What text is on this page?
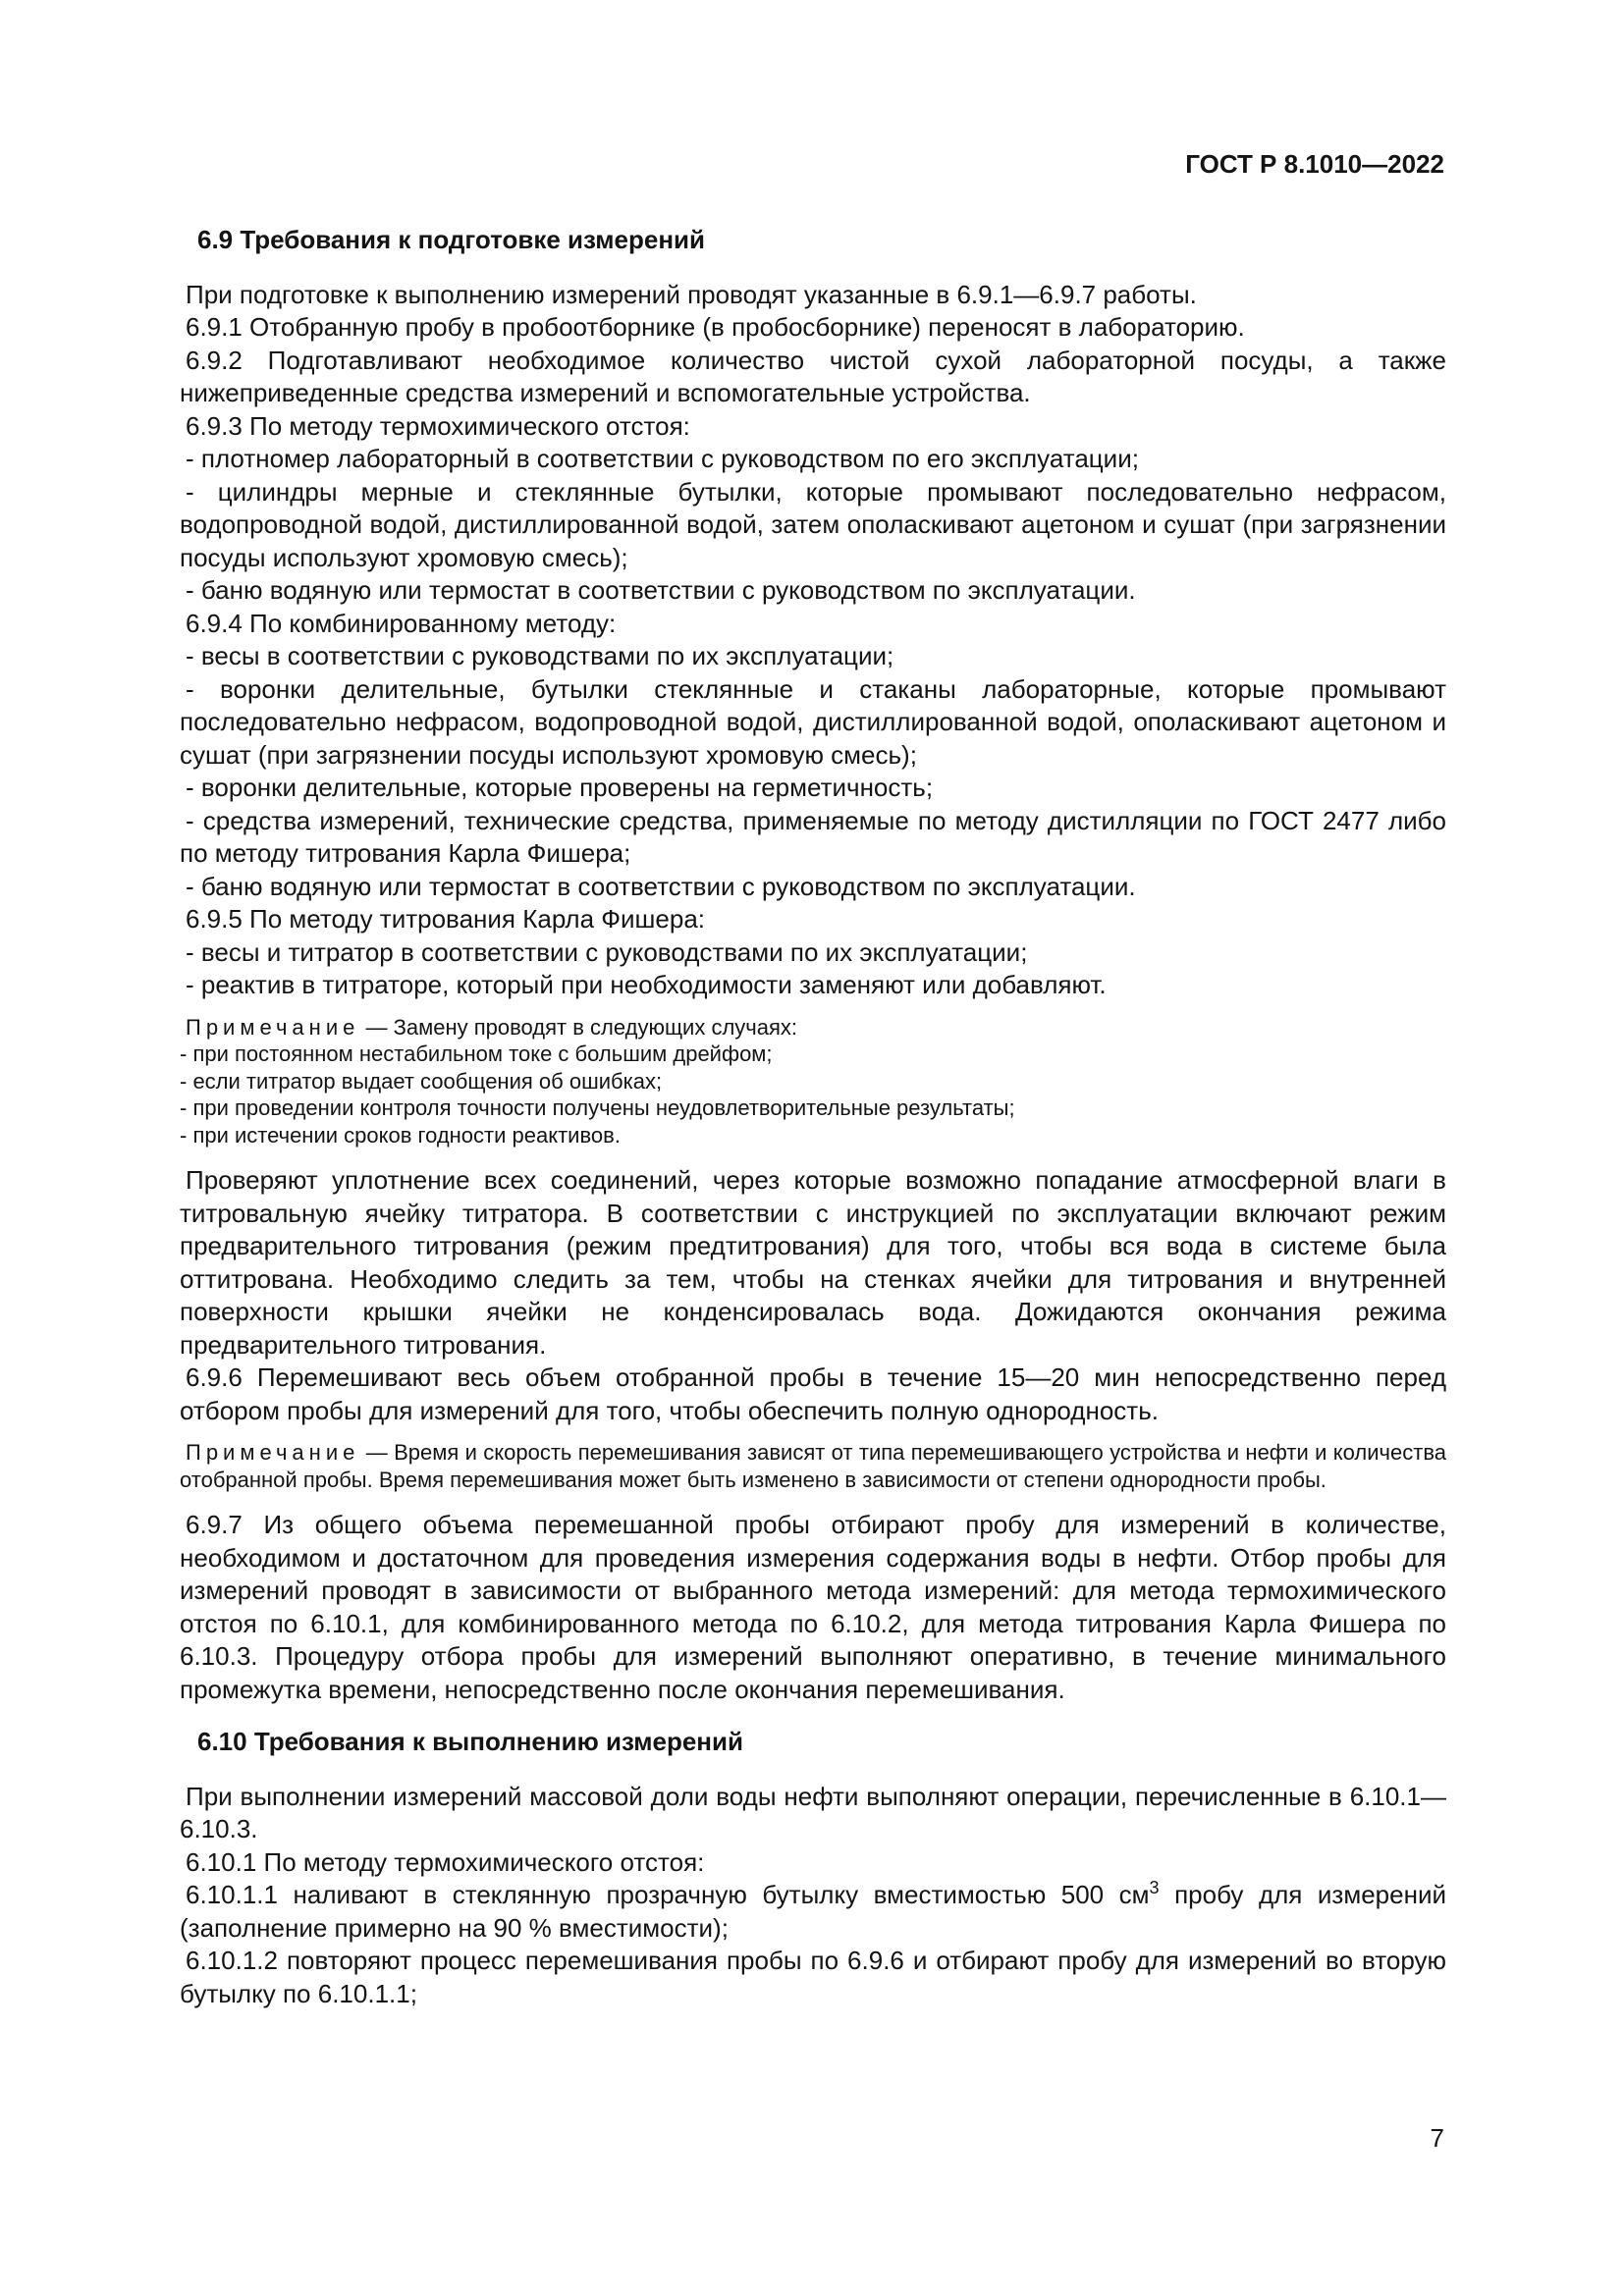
ГОСТ Р 8.1010—2022

6.9 Требования к подготовке измерений

При подготовке к выполнению измерений проводят указанные в 6.9.1—6.9.7 работы.

6.9.1 Отобранную пробу в пробоотборнике (в пробосборнике) переносят в лабораторию.

6.9.2 Подготавливают необходимое количество чистой сухой лабораторной посуды, а также нижеприведенные средства измерений и вспомогательные устройства.

6.9.3 По методу термохимического отстоя:

- плотномер лабораторный в соответствии с руководством по его эксплуатации;

- цилиндры мерные и стеклянные бутылки, которые промывают последовательно нефрасом, водопроводной водой, дистиллированной водой, затем ополаскивают ацетоном и сушат (при загрязнении посуды используют хромовую смесь);

- баню водяную или термостат в соответствии с руководством по эксплуатации.

6.9.4 По комбинированному методу:

- весы в соответствии с руководствами по их эксплуатации;

- воронки делительные, бутылки стеклянные и стаканы лабораторные, которые промывают последовательно нефрасом, водопроводной водой, дистиллированной водой, ополаскивают ацетоном и сушат (при загрязнении посуды используют хромовую смесь);

- воронки делительные, которые проверены на герметичность;

- средства измерений, технические средства, применяемые по методу дистилляции по ГОСТ 2477 либо по методу титрования Карла Фишера;

- баню водяную или термостат в соответствии с руководством по эксплуатации.

6.9.5 По методу титрования Карла Фишера:

- весы и титратор в соответствии с руководствами по их эксплуатации;

- реактив в титраторе, который при необходимости заменяют или добавляют.

Примечание — Замену проводят в следующих случаях:

- при постоянном нестабильном токе с большим дрейфом;

- если титратор выдает сообщения об ошибках;

- при проведении контроля точности получены неудовлетворительные результаты;

- при истечении сроков годности реактивов.

Проверяют уплотнение всех соединений, через которые возможно попадание атмосферной влаги в титровальную ячейку титратора. В соответствии с инструкцией по эксплуатации включают режим предварительного титрования (режим предтитрования) для того, чтобы вся вода в системе была оттитрована. Необходимо следить за тем, чтобы на стенках ячейки для титрования и внутренней поверхности крышки ячейки не конденсировалась вода. Дожидаются окончания режима предварительного титрования.

6.9.6 Перемешивают весь объем отобранной пробы в течение 15—20 мин непосредственно перед отбором пробы для измерений для того, чтобы обеспечить полную однородность.

Примечание — Время и скорость перемешивания зависят от типа перемешивающего устройства и нефти и количества отобранной пробы. Время перемешивания может быть изменено в зависимости от степени однородности пробы.

6.9.7 Из общего объема перемешанной пробы отбирают пробу для измерений в количестве, необходимом и достаточном для проведения измерения содержания воды в нефти. Отбор пробы для измерений проводят в зависимости от выбранного метода измерений: для метода термохимического отстоя по 6.10.1, для комбинированного метода по 6.10.2, для метода титрования Карла Фишера по 6.10.3. Процедуру отбора пробы для измерений выполняют оперативно, в течение минимального промежутка времени, непосредственно после окончания перемешивания.

6.10 Требования к выполнению измерений

При выполнении измерений массовой доли воды нефти выполняют операции, перечисленные в 6.10.1—6.10.3.

6.10.1 По методу термохимического отстоя:

6.10.1.1 наливают в стеклянную прозрачную бутылку вместимостью 500 $см^3$ пробу для измерений (заполнение примерно на 90 % вместимости);

6.10.1.2 повторяют процесс перемешивания пробы по 6.9.6 и отбирают пробу для измерений во вторую бутылку по 6.10.1.1;

7
